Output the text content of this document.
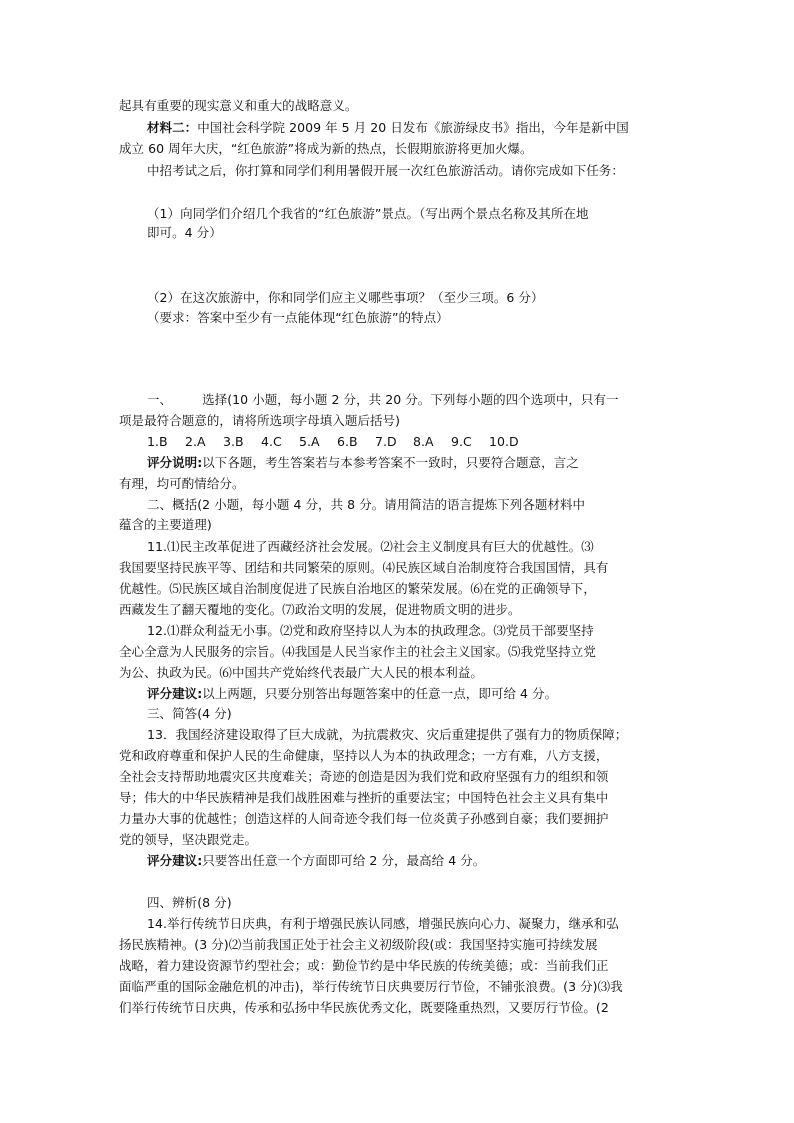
起具有重要的现实意义和重大的战略意义。
材料二：中国社会科学院 2009 年 5 月 20 日发布《旅游绿皮书》指出，今年是新中国
成立 60 周年大庆，“红色旅游”将成为新的热点，长假期旅游将更加火爆。
中招考试之后，你打算和同学们利用暑假开展一次红色旅游活动。请你完成如下任务：
（1）向同学们介绍几个我省的“红色旅游”景点。（写出两个景点名称及其所在地
即可。4 分）
（2）在这次旅游中，你和同学们应主义哪些事项？（至少三项。6 分）
（要求：答案中至少有一点能体现“红色旅游”的特点）
一、 选择(10 小题，每小题 2 分，共 20 分。下列每小题的四个选项中，只有一
项是最符合题意的，请将所选项字母填入题后括号)
1.B 2.A 3.B 4.C 5.A 6.B 7.D 8.A 9.C 10.D
评分说明:以下各题，考生答案若与本参考答案不一致时，只要符合题意，言之
有理，均可酌情给分。
二、概括(2 小题，每小题 4 分，共 8 分。请用简洁的语言提炼下列各题材料中
蕴含的主要道理)
11.⑴民主改革促进了西藏经济社会发展。⑵社会主义制度具有巨大的优越性。⑶
我国要坚持民族平等、团结和共同繁荣的原则。⑷民族区域自治制度符合我国国情，具有
优越性。⑸民族区域自治制度促进了民族自治地区的繁荣发展。⑹在党的正确领导下，
西藏发生了翻天覆地的变化。⑺政治文明的发展，促进物质文明的进步。
12.⑴群众利益无小事。⑵党和政府坚持以人为本的执政理念。⑶党员干部要坚持
全心全意为人民服务的宗旨。⑷我国是人民当家作主的社会主义国家。⑸我党坚持立党
为公、执政为民。⑹中国共产党始终代表最广大人民的根本利益。
评分建议:以上两题，只要分别答出每题答案中的任意一点，即可给 4 分。
三、简答(4 分)
13．我国经济建设取得了巨大成就，为抗震救灾、灾后重建提供了强有力的物质保障；
党和政府尊重和保护人民的生命健康，坚持以人为本的执政理念；一方有难，八方支援，
全社会支持帮助地震灾区共度难关；奇迹的创造是因为我们党和政府坚强有力的组织和领
导；伟大的中华民族精神是我们战胜困难与挫折的重要法宝；中国特色社会主义具有集中
力量办大事的优越性；创造这样的人间奇迹令我们每一位炎黄子孙感到自豪；我们要拥护
党的领导，坚决跟党走。
评分建议:只要答出任意一个方面即可给 2 分，最高给 4 分。
四、辨析(8 分)
14.举行传统节日庆典，有利于增强民族认同感，增强民族向心力、凝聚力，继承和弘
扬民族精神。(3 分)⑵当前我国正处于社会主义初级阶段(或：我国坚持实施可持续发展
战略，着力建设资源节约型社会；或：勤俭节约是中华民族的传统美德；或：当前我们正
面临严重的国际金融危机的冲击)，举行传统节日庆典要厉行节俭，不铺张浪费。(3 分)⑶我
们举行传统节日庆典，传承和弘扬中华民族优秀文化，既要隆重热烈，又要厉行节俭。(2
